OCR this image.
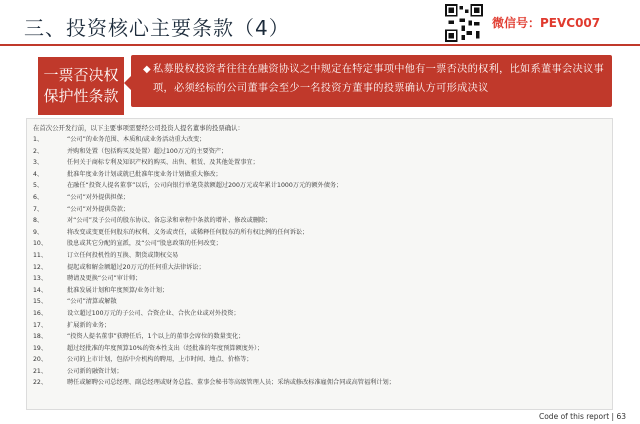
三、投资核心主要条款（4）	微信号：PEVC007
一票否决权
保护性条款
◆ 私募股权投资者往往在融资协议之中规定在特定事项中他有一票否决的权利，比如系董事会决议事项，必须经标的公司董事会至少一名投资方董事的投票确认方可形成决议
在首次公开发行前，以下主要事项需要经公司投资人提名董事的投票确认：
1、	“公司”的业务范围、本质和/或业务活动重大改变；
2、	并购和处置（包括购买及处置）超过100万元的主要资产；
3、	任何关于商标专利及知识产权的购买、出售、租赁、及其他处置事宜；
4、	批准年度业务计划或就已批准年度业务计划做重大修改；
5、	在融任“投资人提名董事”以后，公司向银行单笔贷款额超过200万元或年累计1000万元的额外债务；
6、	“公司”对外提供担保；
7、	“公司”对外提供贷款；
8、	对“公司”及子公司的股东协议、备忘录和章程中条款的增补、修改或删除；
9、	将改变或变更任何股东的权利、义务或责任，或稀释任何股东的所有权比例的任何诉讼；
10、	股息或其它分配的宣派，及“公司”股息政策的任何改变；
11、	订立任何投机性的互换、期货或期权交易
12、	提起或和解金额超过20万元的任何重大法律诉讼；
13、	聘请及更换“公司”审计师；
14、	批准发展计划和年度预算/业务计划；
15、	“公司”清算或解散
16、	设立超过100万元的子公司、合资企业、合伙企业或对外投资；
17、	扩展新的业务；
18、	“投资人提名董事”获聘任后，1个以上的董事会席位的数量变化；
19、	超过经批准的年度预算10%的资本性支出（经批准的年度预算额度外）；
20、	公司的上市计划，包括中介机构的聘用，上市时间、地点、价格等；
21、	公司新的融资计划；
22、	聘任或解聘公司总经理、副总经理或财务总监、董事会秘书等高级管理人员；采纳或修改标准雇佣合同或高管福利计划；
Code of this report | 63
